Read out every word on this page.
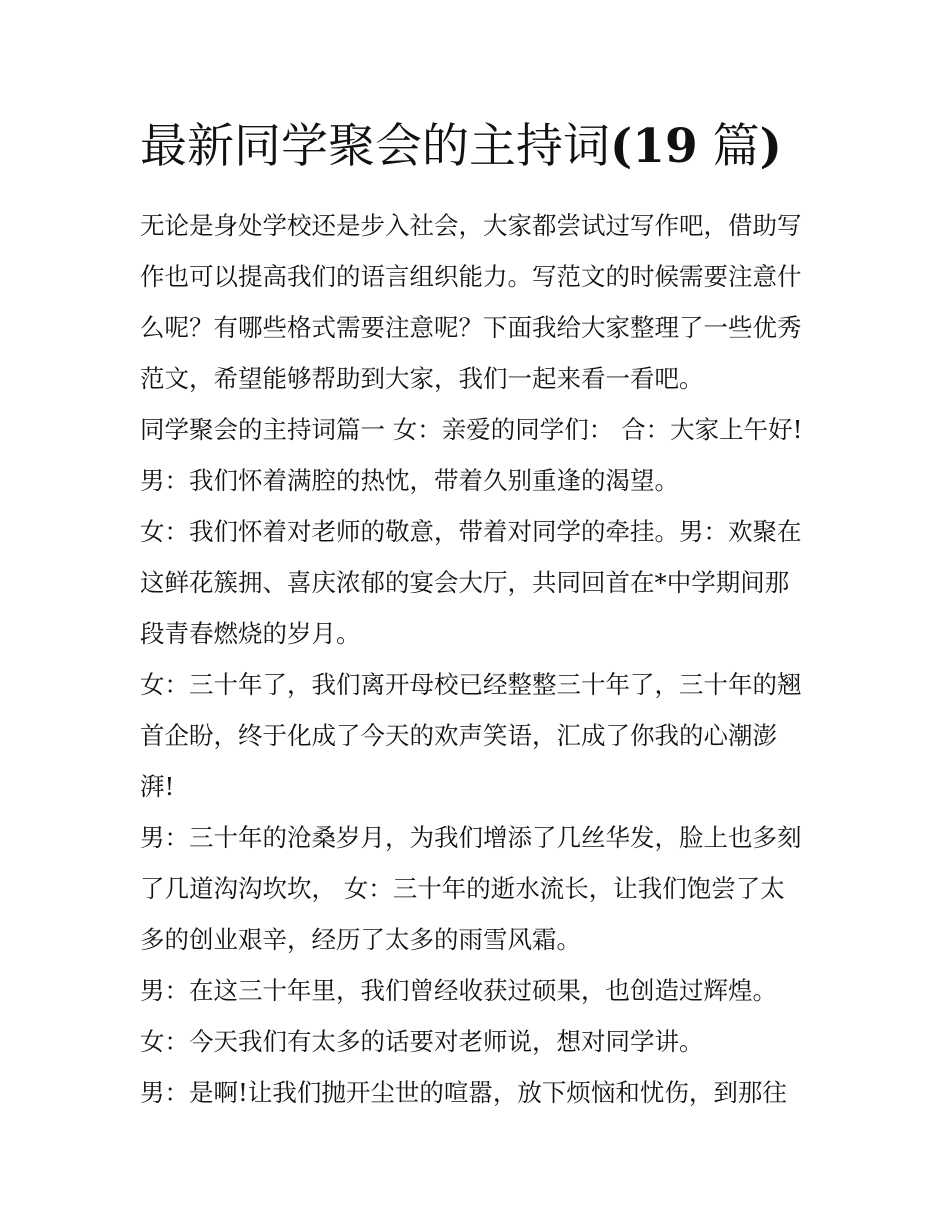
最新同学聚会的主持词(19 篇)

无论是身处学校还是步入社会，大家都尝试过写作吧，借助写

作也可以提高我们的语言组织能力。写范文的时候需要注意什

么呢？有哪些格式需要注意呢？下面我给大家整理了一些优秀

范文，希望能够帮助到大家，我们一起来看一看吧。

同学聚会的主持词篇一 女：亲爱的同学们： 合：大家上午好!

男：我们怀着满腔的热忱，带着久别重逢的渴望。

女：我们怀着对老师的敬意，带着对同学的牵挂。男：欢聚在

这鲜花簇拥、喜庆浓郁的宴会大厅，共同回首在*中学期间那

段青春燃烧的岁月。

女：三十年了，我们离开母校已经整整三十年了，三十年的翘

首企盼，终于化成了今天的欢声笑语，汇成了你我的心潮澎

湃!

男：三十年的沧桑岁月，为我们增添了几丝华发，脸上也多刻

了几道沟沟坎坎， 女：三十年的逝水流长，让我们饱尝了太

多的创业艰辛，经历了太多的雨雪风霜。

男：在这三十年里，我们曾经收获过硕果，也创造过辉煌。

女：今天我们有太多的话要对老师说，想对同学讲。

男：是啊!让我们抛开尘世的喧嚣，放下烦恼和忧伤，到那往
